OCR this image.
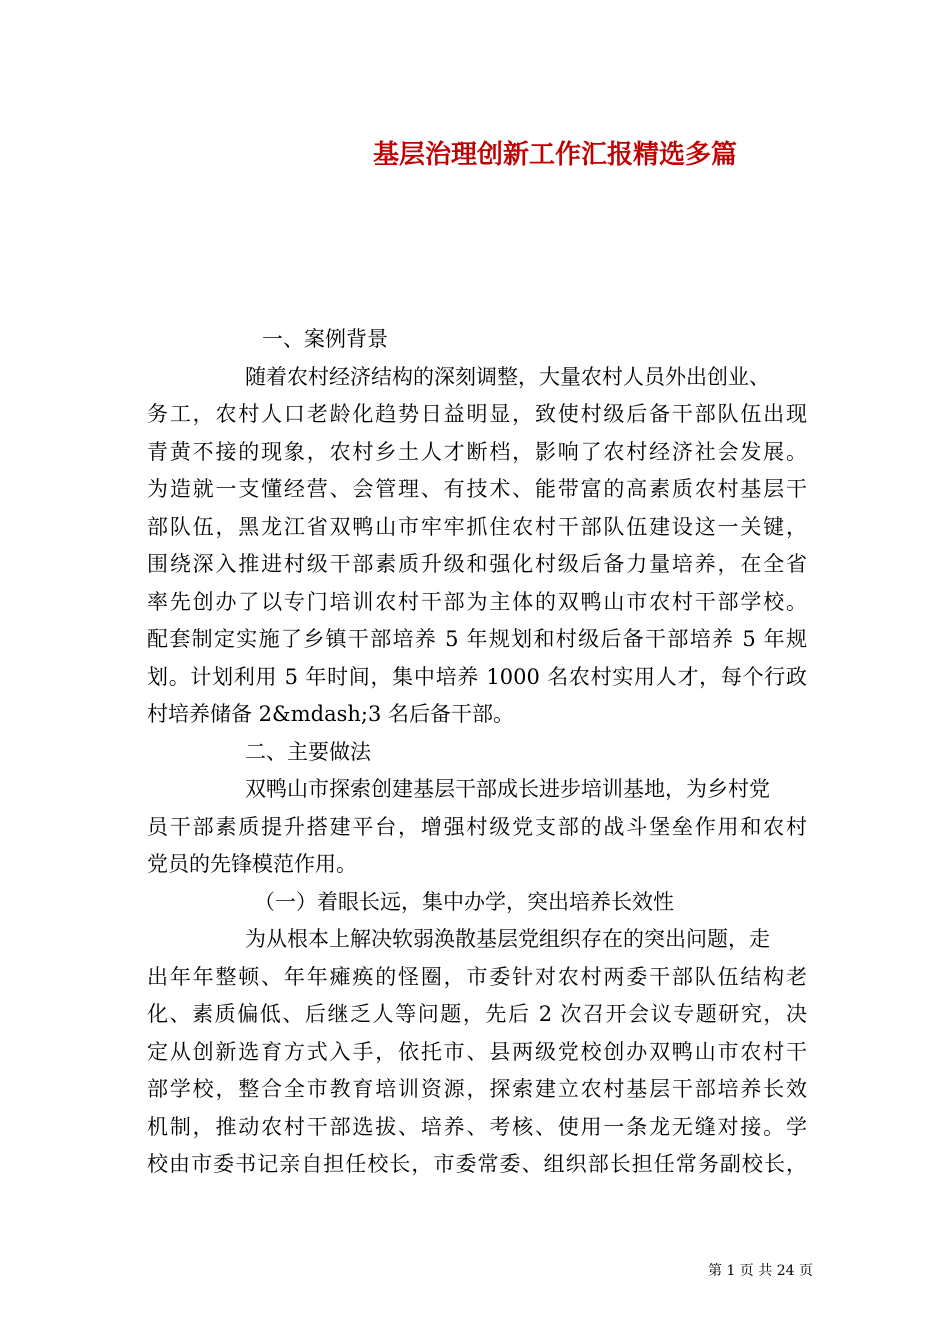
基层治理创新工作汇报精选多篇
一、案例背景
随着农村经济结构的深刻调整，大量农村人员外出创业、
务工，农村人口老龄化趋势日益明显，致使村级后备干部队伍出现
青黄不接的现象，农村乡土人才断档，影响了农村经济社会发展。
为造就一支懂经营、会管理、有技术、能带富的高素质农村基层干
部队伍，黑龙江省双鸭山市牢牢抓住农村干部队伍建设这一关键，
围绕深入推进村级干部素质升级和强化村级后备力量培养，在全省
率先创办了以专门培训农村干部为主体的双鸭山市农村干部学校。
配套制定实施了乡镇干部培养 5 年规划和村级后备干部培养 5 年规
划。计划利用 5 年时间，集中培养 1000 名农村实用人才，每个行政
村培养储备 2&mdash;3 名后备干部。
二、主要做法
双鸭山市探索创建基层干部成长进步培训基地，为乡村党
员干部素质提升搭建平台，增强村级党支部的战斗堡垒作用和农村
党员的先锋模范作用。
（一）着眼长远，集中办学，突出培养长效性
为从根本上解决软弱涣散基层党组织存在的突出问题，走
出年年整顿、年年瘫痪的怪圈，市委针对农村两委干部队伍结构老
化、素质偏低、后继乏人等问题，先后 2 次召开会议专题研究，决
定从创新选育方式入手，依托市、县两级党校创办双鸭山市农村干
部学校，整合全市教育培训资源，探索建立农村基层干部培养长效
机制，推动农村干部选拔、培养、考核、使用一条龙无缝对接。学
校由市委书记亲自担任校长，市委常委、组织部长担任常务副校长，
第 1 页 共 24 页
